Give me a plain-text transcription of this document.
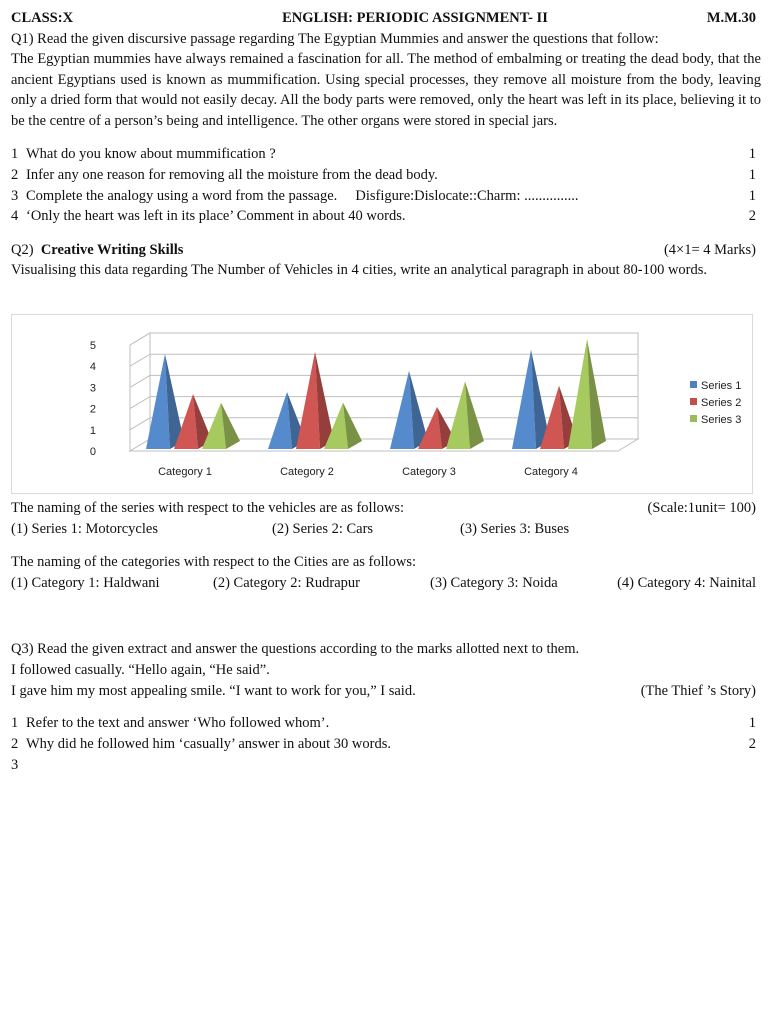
CLASS:X	ENGLISH: PERIODIC ASSIGNMENT- II	M.M.30
Q1) Read the given discursive passage regarding The Egyptian Mummies and answer the questions that follow:
The Egyptian mummies have always remained a fascination for all. The method of embalming or treating the dead body, that the ancient Egyptians used is known as mummification. Using special processes, they remove all moisture from the body, leaving only a dried form that would not easily decay. All the body parts were removed, only the heart was left in its place, believing it to be the centre of a person’s being and intelligence. The other organs were stored in special jars.
1 What do you know about mummification ?	1
2 Infer any one reason for removing all the moisture from the dead body.	1
3 Complete the analogy using a word from the passage.     Disfigure:Dislocate::Charm: ...............	1
4 ‘Only the heart was left in its place’ Comment in about 40 words.	2
Q2) Creative Writing Skills	(4×1= 4 Marks)
Visualising this data regarding The Number of Vehicles in 4 cities, write an analytical paragraph in about 80-100 words.
0
1
2
3
4
5
Category 1	Category 2	Category 3	Category 4
Series 1
Series 2
Series 3
The naming of the series with respect to the vehicles are as follows:	(Scale:1unit= 100)
(1) Series 1: Motorcycles	(2) Series 2: Cars	(3) Series 3: Buses
The naming of the categories with respect to the Cities are as follows:
(1) Category 1: Haldwani	(2) Category 2: Rudrapur	(3) Category 3: Noida	(4) Category 4: Nainital
Q3) Read the given extract and answer the questions according to the marks allotted next to them.
I followed casually. “Hello again, “He said”.
I gave him my most appealing smile. “I want to work for you,” I said.	(The Thief ’s Story)
1 Refer to the text and answer ‘Who followed whom’.	1
2 Why did he followed him ‘casually’ answer in about 30 words.	2
3
